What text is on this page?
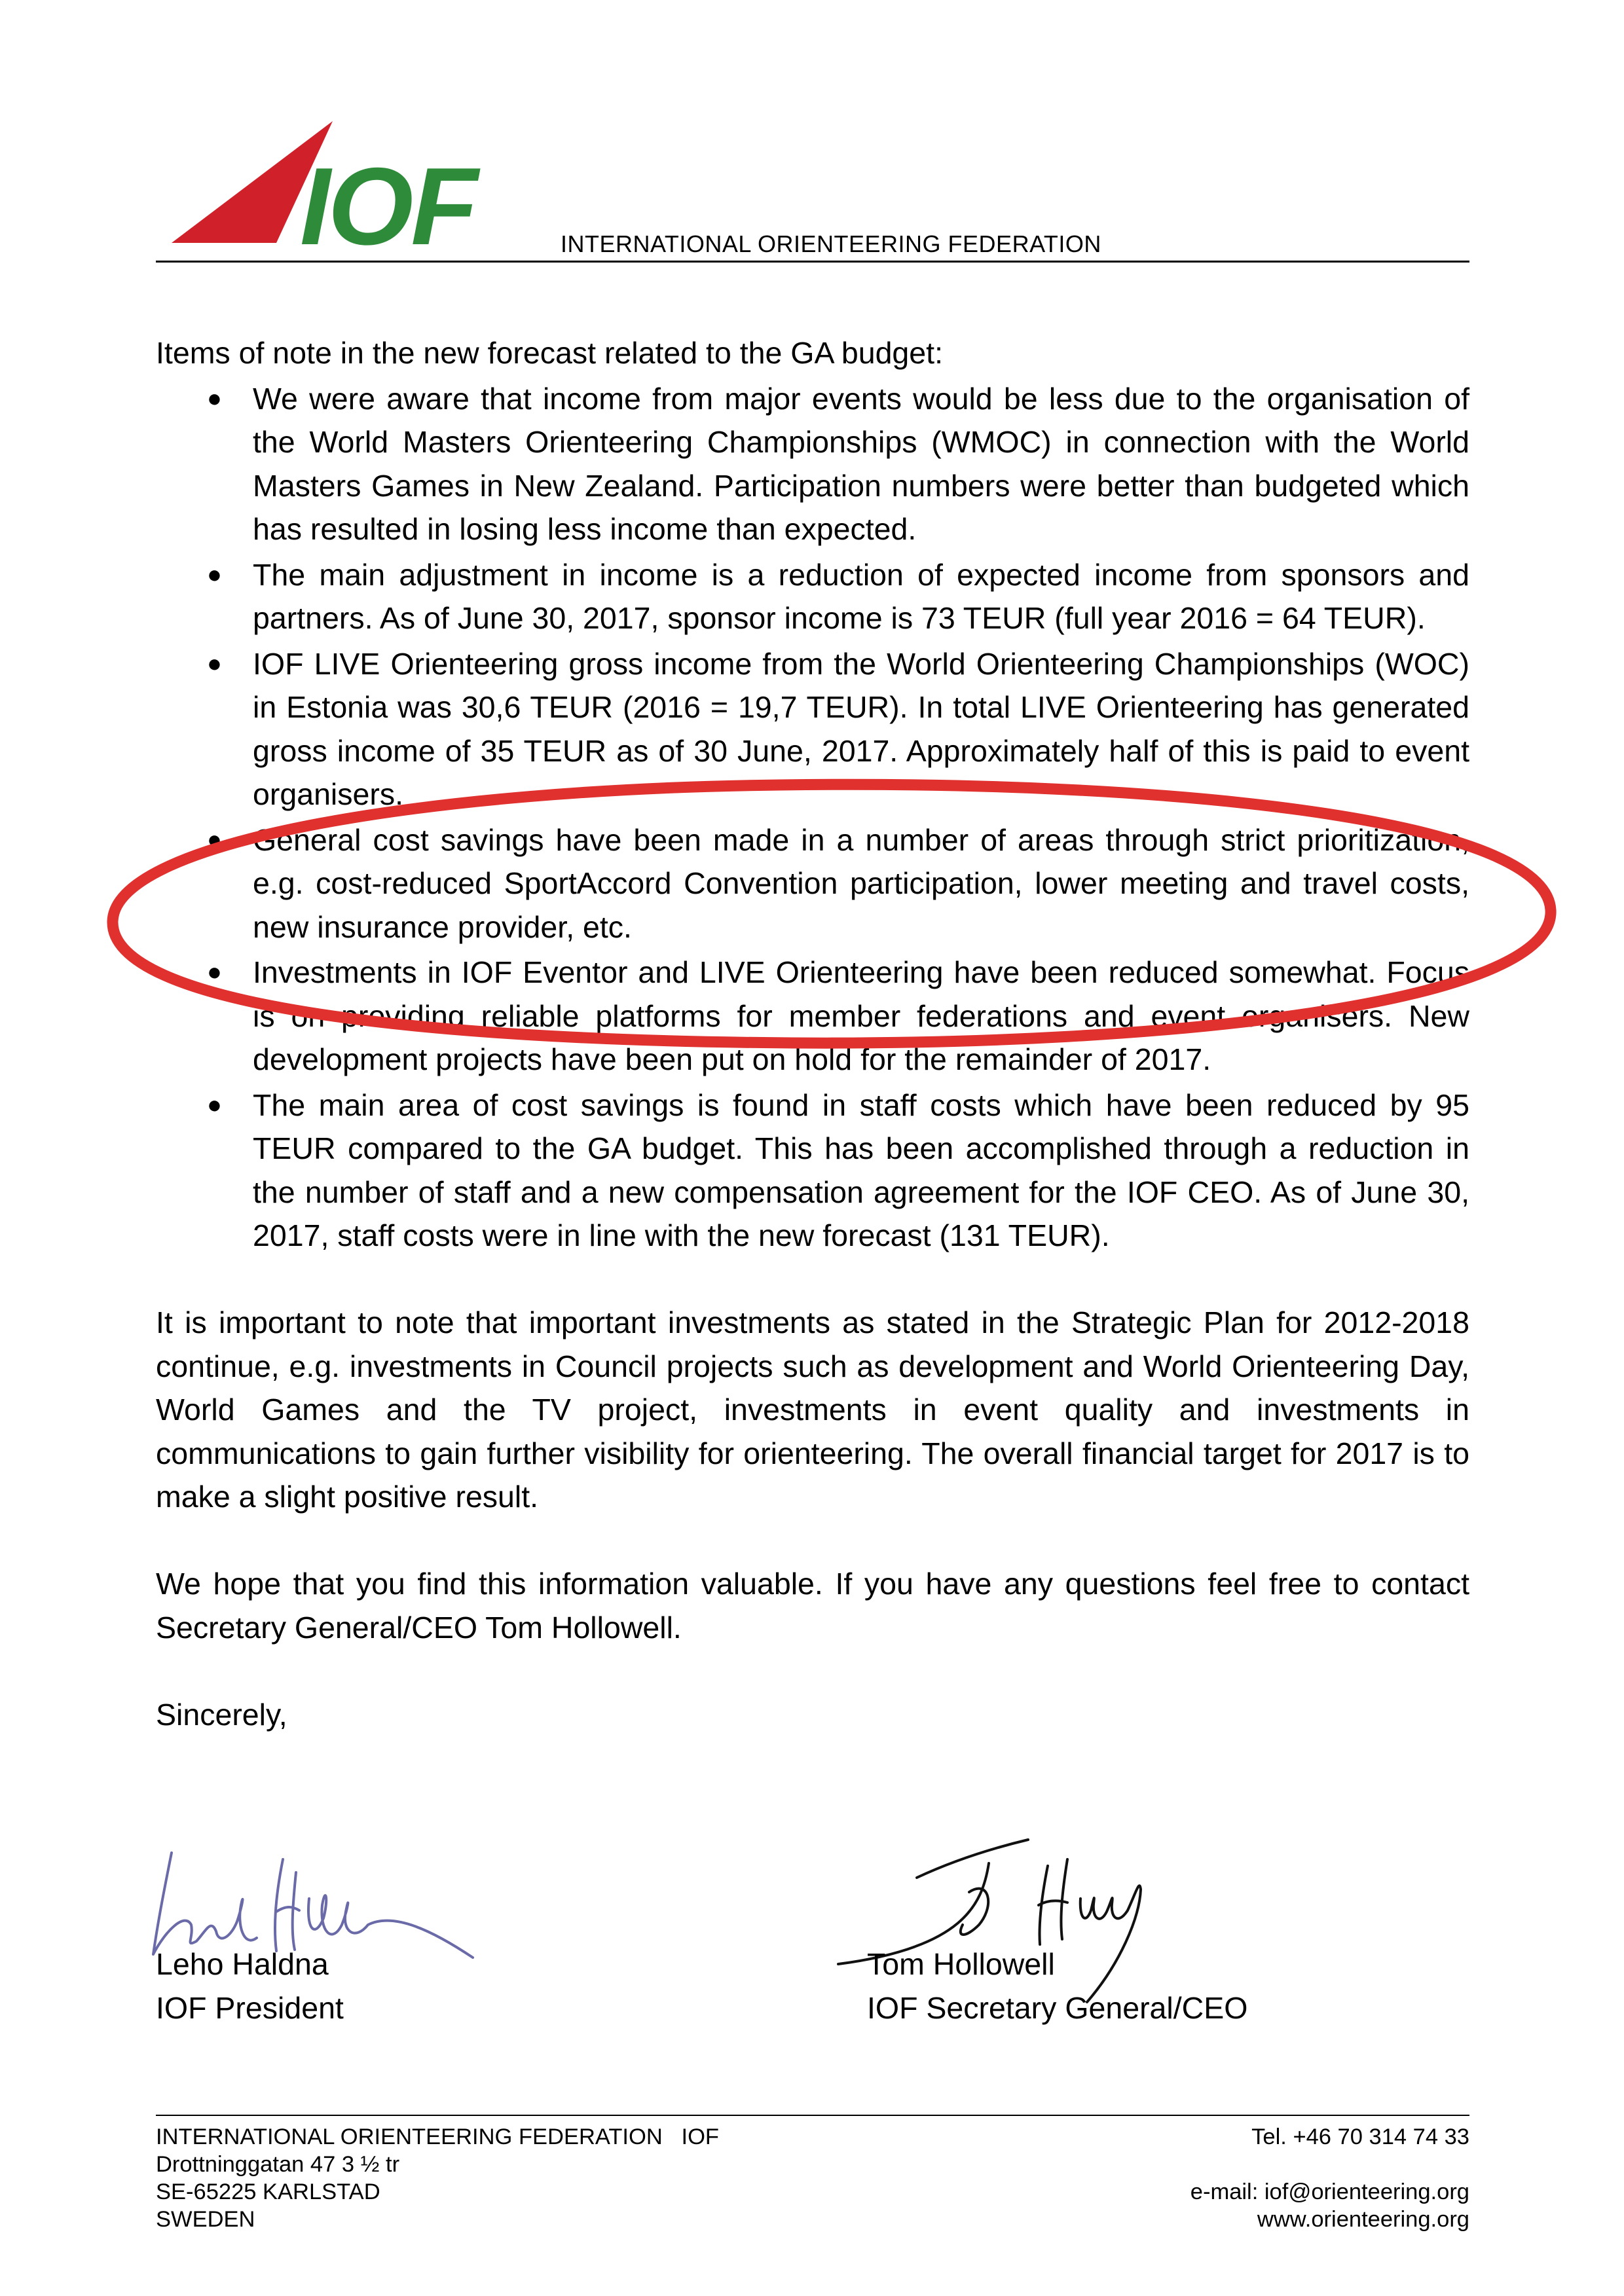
IOF	INTERNATIONAL ORIENTEERING FEDERATION

Items of note in the new forecast related to the GA budget:

● We were aware that income from major events would be less due to the organisation of the World Masters Orienteering Championships (WMOC) in connection with the World Masters Games in New Zealand. Participation numbers were better than budgeted which has resulted in losing less income than expected.
● The main adjustment in income is a reduction of expected income from sponsors and partners. As of June 30, 2017, sponsor income is 73 TEUR (full year 2016 = 64 TEUR).
● IOF LIVE Orienteering gross income from the World Orienteering Championships (WOC) in Estonia was 30,6 TEUR (2016 = 19,7 TEUR). In total LIVE Orienteering has generated gross income of 35 TEUR as of 30 June, 2017. Approximately half of this is paid to event organisers.
● General cost savings have been made in a number of areas through strict prioritization, e.g. cost-reduced SportAccord Convention participation, lower meeting and travel costs, new insurance provider, etc.
● Investments in IOF Eventor and LIVE Orienteering have been reduced somewhat. Focus is on providing reliable platforms for member federations and event organisers. New development projects have been put on hold for the remainder of 2017.
● The main area of cost savings is found in staff costs which have been reduced by 95 TEUR compared to the GA budget. This has been accomplished through a reduction in the number of staff and a new compensation agreement for the IOF CEO. As of June 30, 2017, staff costs were in line with the new forecast (131 TEUR).

It is important to note that important investments as stated in the Strategic Plan for 2012-2018 continue, e.g. investments in Council projects such as development and World Orienteering Day, World Games and the TV project, investments in event quality and investments in communications to gain further visibility for orienteering. The overall financial target for 2017 is to make a slight positive result.

We hope that you find this information valuable. If you have any questions feel free to contact Secretary General/CEO Tom Hollowell.

Sincerely,

Leho Haldna
IOF President
Tom Hollowell
IOF Secretary General/CEO
INTERNATIONAL ORIENTEERING FEDERATION   IOF
Drottninggatan 47 3 ½ tr
SE-65225 KARLSTAD
SWEDEN
Tel. +46 70 314 74 33

e-mail: iof@orienteering.org
www.orienteering.org
